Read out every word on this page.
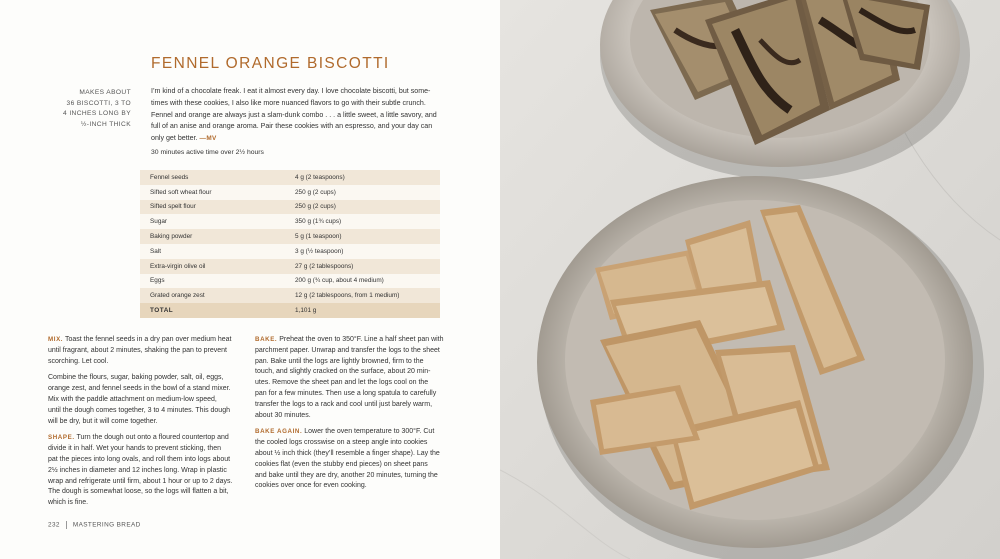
FENNEL ORANGE BISCOTTI
MAKES ABOUT
36 BISCOTTI, 3 TO
4 INCHES LONG BY
½-INCH THICK
I’m kind of a chocolate freak. I eat it almost every day. I love chocolate biscotti, but some-
times with these cookies, I also like more nuanced flavors to go with their subtle crunch.
Fennel and orange are always just a slam-dunk combo . . . a little sweet, a little savory, and
full of an anise and orange aroma. Pair these cookies with an espresso, and your day can
only get better. —MV
30 minutes active time over 2½ hours
Fennel seeds	4 g (2 teaspoons)
Sifted soft wheat flour	250 g (2 cups)
Sifted spelt flour	250 g (2 cups)
Sugar	350 g (1¾ cups)
Baking powder	5 g (1 teaspoon)
Salt	3 g (½ teaspoon)
Extra-virgin olive oil	27 g (2 tablespoons)
Eggs	200 g (¾ cup, about 4 medium)
Grated orange zest	12 g (2 tablespoons, from 1 medium)
TOTAL	1,101 g

MIX. Toast the fennel seeds in a dry pan over medium heat
until fragrant, about 2 minutes, shaking the pan to prevent
scorching. Let cool.

Combine the flours, sugar, baking powder, salt, oil, eggs,
orange zest, and fennel seeds in the bowl of a stand mixer.
Mix with the paddle attachment on medium-low speed,
until the dough comes together, 3 to 4 minutes. This dough
will be dry, but it will come together.

SHAPE. Turn the dough out onto a floured countertop and
divide it in half. Wet your hands to prevent sticking, then
pat the pieces into long ovals, and roll them into logs about
2½ inches in diameter and 12 inches long. Wrap in plastic
wrap and refrigerate until firm, about 1 hour or up to 2 days.
The dough is somewhat loose, so the logs will flatten a bit,
which is fine.

BAKE. Preheat the oven to 350°F. Line a half sheet pan with
parchment paper. Unwrap and transfer the logs to the sheet
pan. Bake until the logs are lightly browned, firm to the
touch, and slightly cracked on the surface, about 20 min-
utes. Remove the sheet pan and let the logs cool on the
pan for a few minutes. Then use a long spatula to carefully
transfer the logs to a rack and cool until just barely warm,
about 30 minutes.

BAKE AGAIN. Lower the oven temperature to 300°F. Cut
the cooled logs crosswise on a steep angle into cookies
about ½ inch thick (they’ll resemble a finger shape). Lay the
cookies flat (even the stubby end pieces) on sheet pans
and bake until they are dry, another 20 minutes, turning the
cookies over once for even cooking.

232 MASTERING BREAD
